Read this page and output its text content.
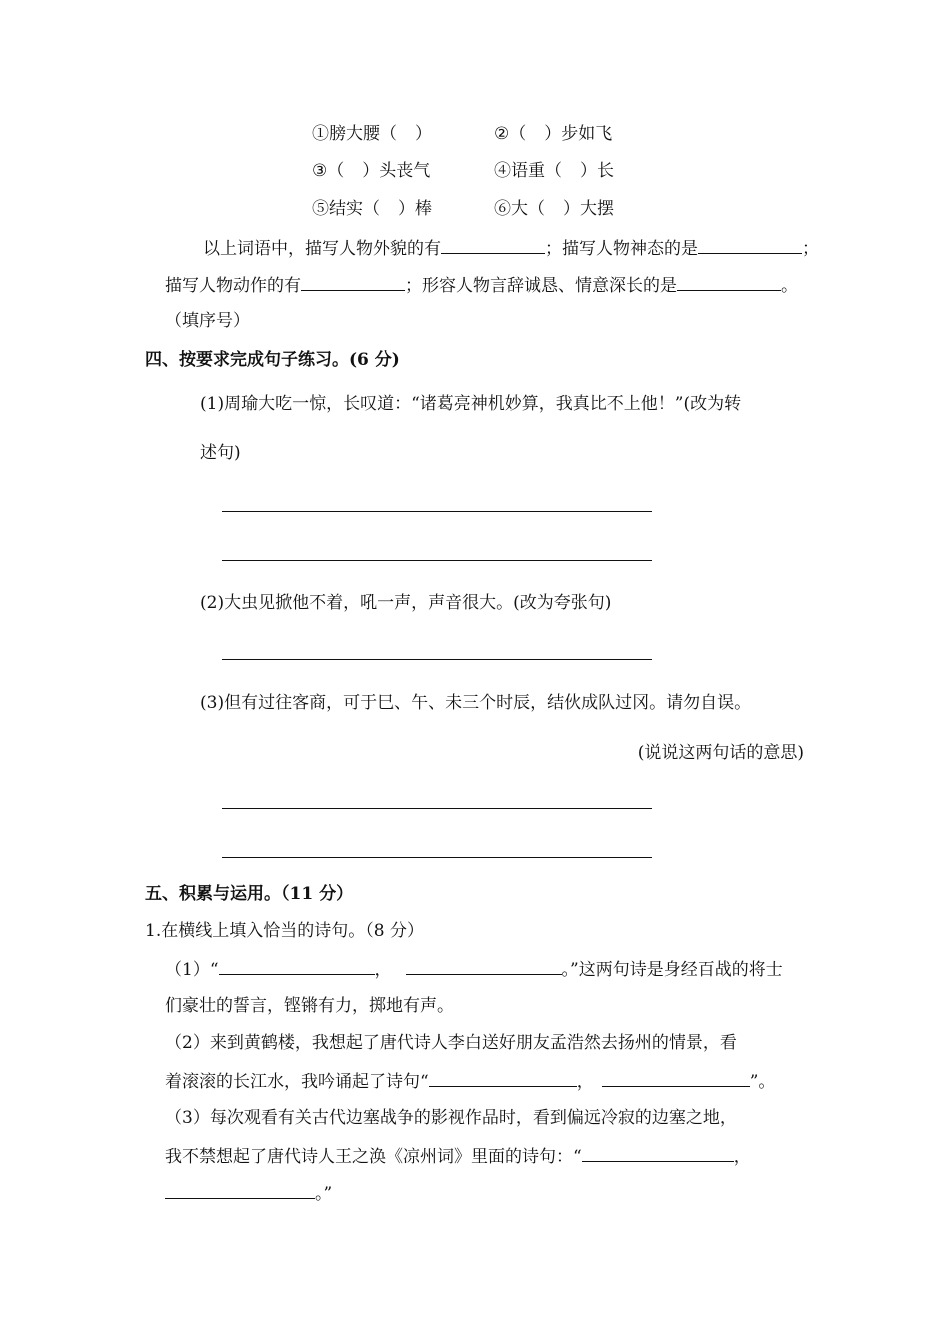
①膀大腰（ ）	②（ ）步如飞
③（ ）头丧气	④语重（ ）长
⑤结实（ ）棒	⑥大（ ）大摆
以上词语中，描写人物外貌的有	；描写人物神态的是	；
描写人物动作的有	；形容人物言辞诚恳、情意深长的是	。
（填序号）
四、按要求完成句子练习。(6 分)
(1)周瑜大吃一惊，长叹道：“诸葛亮神机妙算，我真比不上他！”(改为转
述句)
(2)大虫见掀他不着，吼一声，声音很大。(改为夸张句)
(3)但有过往客商，可于巳、午、未三个时辰，结伙成队过冈。请勿自误。
(说说这两句话的意思)
五、积累与运用。（11 分）
1.在横线上填入恰当的诗句。（8 分）
（1）“	，	。”这两句诗是身经百战的将士
们豪壮的誓言，铿锵有力，掷地有声。
（2）来到黄鹤楼，我想起了唐代诗人李白送好朋友孟浩然去扬州的情景，看
着滚滚的长江水，我吟诵起了诗句“	，	”。
（3）每次观看有关古代边塞战争的影视作品时，看到偏远冷寂的边塞之地，
我不禁想起了唐代诗人王之涣《凉州词》里面的诗句：“	，
。”
